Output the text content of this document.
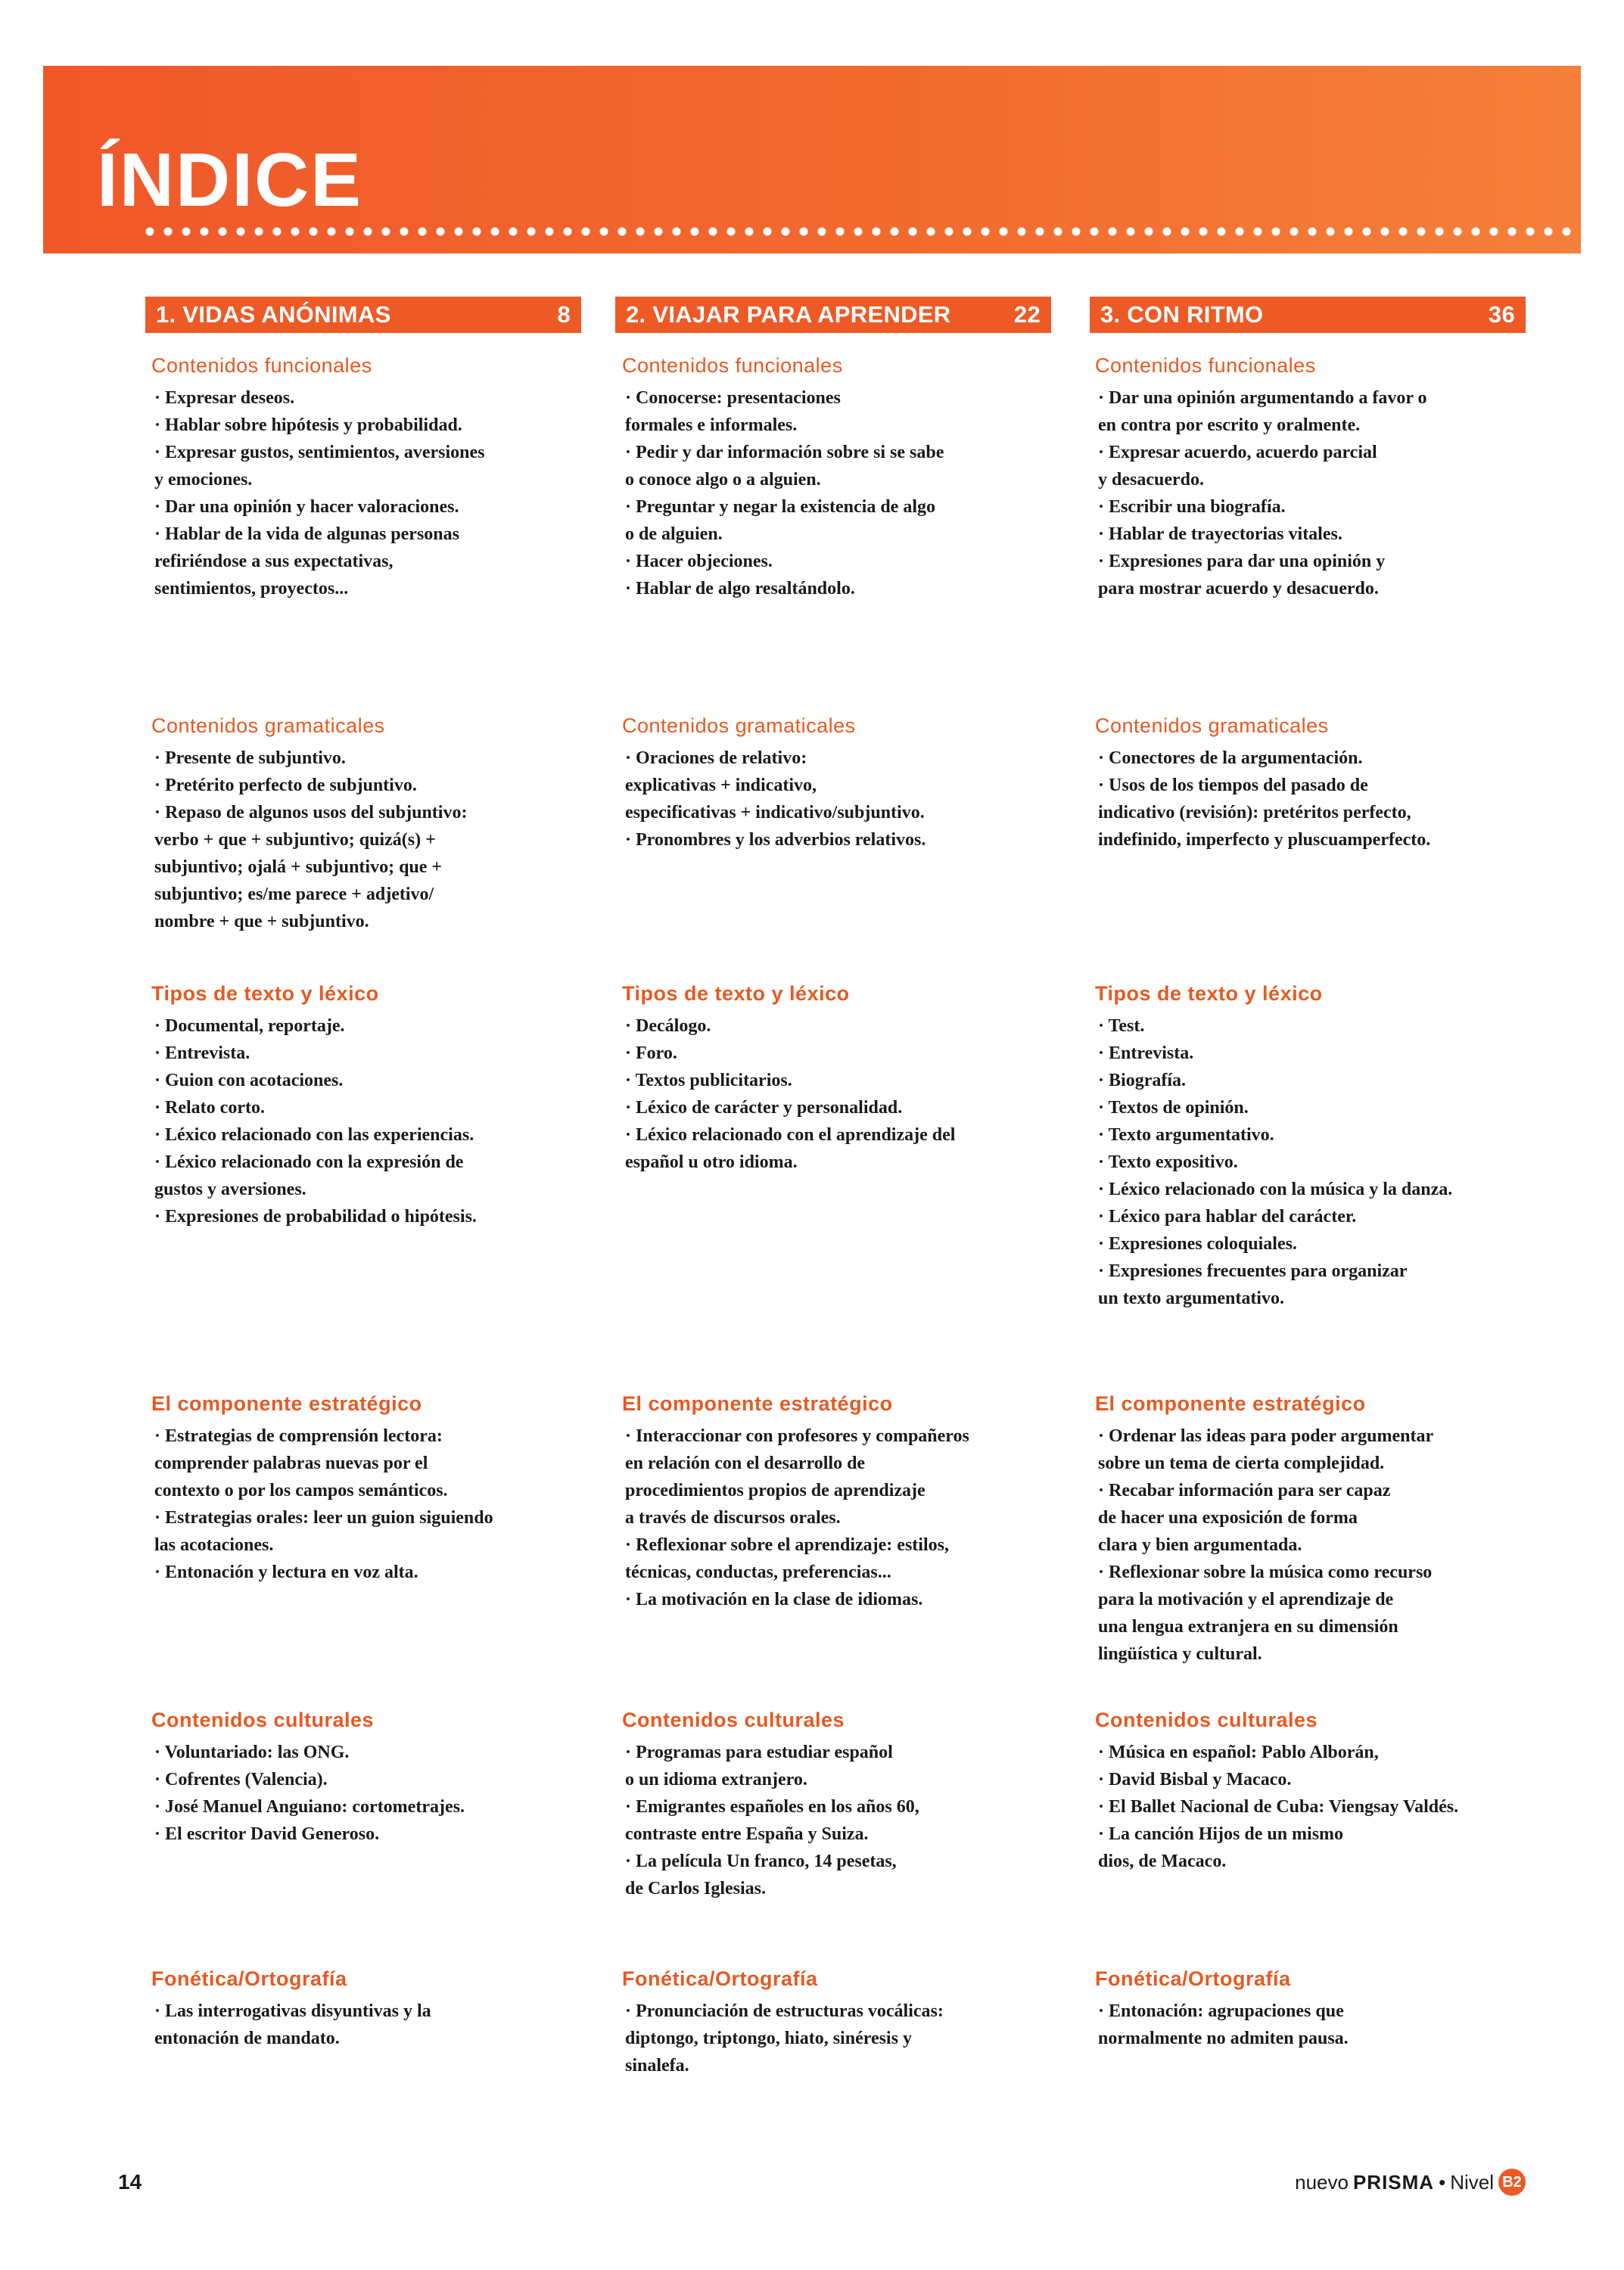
ÍNDICE
1. VIDAS ANÓNIMAS	8
Contenidos funcionales
· Expresar deseos.
· Hablar sobre hipótesis y probabilidad.
· Expresar gustos, sentimientos, aversiones
y emociones.
· Dar una opinión y hacer valoraciones.
· Hablar de la vida de algunas personas
refiriéndose a sus expectativas,
sentimientos, proyectos...
Contenidos gramaticales
· Presente de subjuntivo.
· Pretérito perfecto de subjuntivo.
· Repaso de algunos usos del subjuntivo:
verbo + que + subjuntivo; quizá(s) +
subjuntivo; ojalá + subjuntivo; que +
subjuntivo; es/me parece + adjetivo/
nombre + que + subjuntivo.
Tipos de texto y léxico
· Documental, reportaje.
· Entrevista.
· Guion con acotaciones.
· Relato corto.
· Léxico relacionado con las experiencias.
· Léxico relacionado con la expresión de
gustos y aversiones.
· Expresiones de probabilidad o hipótesis.
El componente estratégico
· Estrategias de comprensión lectora:
comprender palabras nuevas por el
contexto o por los campos semánticos.
· Estrategias orales: leer un guion siguiendo
las acotaciones.
· Entonación y lectura en voz alta.
Contenidos culturales
· Voluntariado: las ONG.
· Cofrentes (Valencia).
· José Manuel Anguiano: cortometrajes.
· El escritor David Generoso.
Fonética/Ortografía
· Las interrogativas disyuntivas y la
entonación de mandato.
2. VIAJAR PARA APRENDER	22
Contenidos funcionales
· Conocerse: presentaciones
formales e informales.
· Pedir y dar información sobre si se sabe
o conoce algo o a alguien.
· Preguntar y negar la existencia de algo
o de alguien.
· Hacer objeciones.
· Hablar de algo resaltándolo.
Contenidos gramaticales
· Oraciones de relativo:
explicativas + indicativo,
especificativas + indicativo/subjuntivo.
· Pronombres y los adverbios relativos.
Tipos de texto y léxico
· Decálogo.
· Foro.
· Textos publicitarios.
· Léxico de carácter y personalidad.
· Léxico relacionado con el aprendizaje del
español u otro idioma.
El componente estratégico
· Interaccionar con profesores y compañeros
en relación con el desarrollo de
procedimientos propios de aprendizaje
a través de discursos orales.
· Reflexionar sobre el aprendizaje: estilos,
técnicas, conductas, preferencias...
· La motivación en la clase de idiomas.
Contenidos culturales
· Programas para estudiar español
o un idioma extranjero.
· Emigrantes españoles en los años 60,
contraste entre España y Suiza.
· La película Un franco, 14 pesetas,
de Carlos Iglesias.
Fonética/Ortografía
· Pronunciación de estructuras vocálicas:
diptongo, triptongo, hiato, sinéresis y
sinalefa.
3. CON RITMO	36
Contenidos funcionales
· Dar una opinión argumentando a favor o
en contra por escrito y oralmente.
· Expresar acuerdo, acuerdo parcial
y desacuerdo.
· Escribir una biografía.
· Hablar de trayectorias vitales.
· Expresiones para dar una opinión y
para mostrar acuerdo y desacuerdo.
Contenidos gramaticales
· Conectores de la argumentación.
· Usos de los tiempos del pasado de
indicativo (revisión): pretéritos perfecto,
indefinido, imperfecto y pluscuamperfecto.
Tipos de texto y léxico
· Test.
· Entrevista.
· Biografía.
· Textos de opinión.
· Texto argumentativo.
· Texto expositivo.
· Léxico relacionado con la música y la danza.
· Léxico para hablar del carácter.
· Expresiones coloquiales.
· Expresiones frecuentes para organizar
un texto argumentativo.
El componente estratégico
· Ordenar las ideas para poder argumentar
sobre un tema de cierta complejidad.
· Recabar información para ser capaz
de hacer una exposición de forma
clara y bien argumentada.
· Reflexionar sobre la música como recurso
para la motivación y el aprendizaje de
una lengua extranjera en su dimensión
lingüística y cultural.
Contenidos culturales
· Música en español: Pablo Alborán,
· David Bisbal y Macaco.
· El Ballet Nacional de Cuba: Viengsay Valdés.
· La canción Hijos de un mismo
dios, de Macaco.
Fonética/Ortografía
· Entonación: agrupaciones que
normalmente no admiten pausa.
14	nuevo PRISMA • Nivel B2
